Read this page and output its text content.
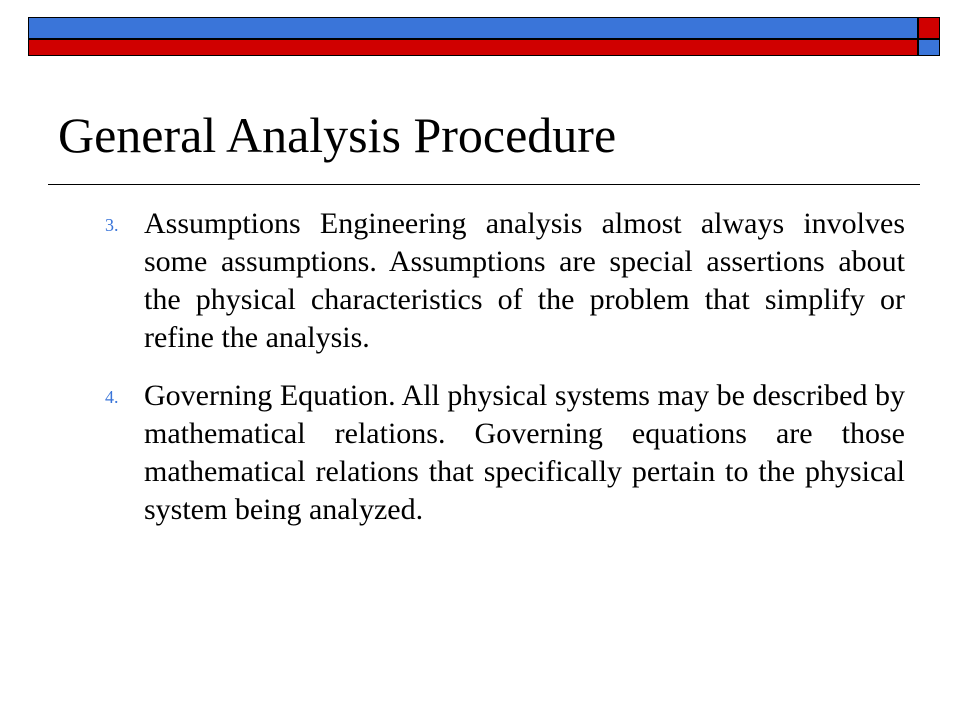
General Analysis Procedure
3. Assumptions Engineering analysis almost always involves some assumptions. Assumptions are special assertions about the physical characteristics of the problem that simplify or refine the analysis.
4. Governing Equation. All physical systems may be described by mathematical relations. Governing equations are those mathematical relations that specifically pertain to the physical system being analyzed.
